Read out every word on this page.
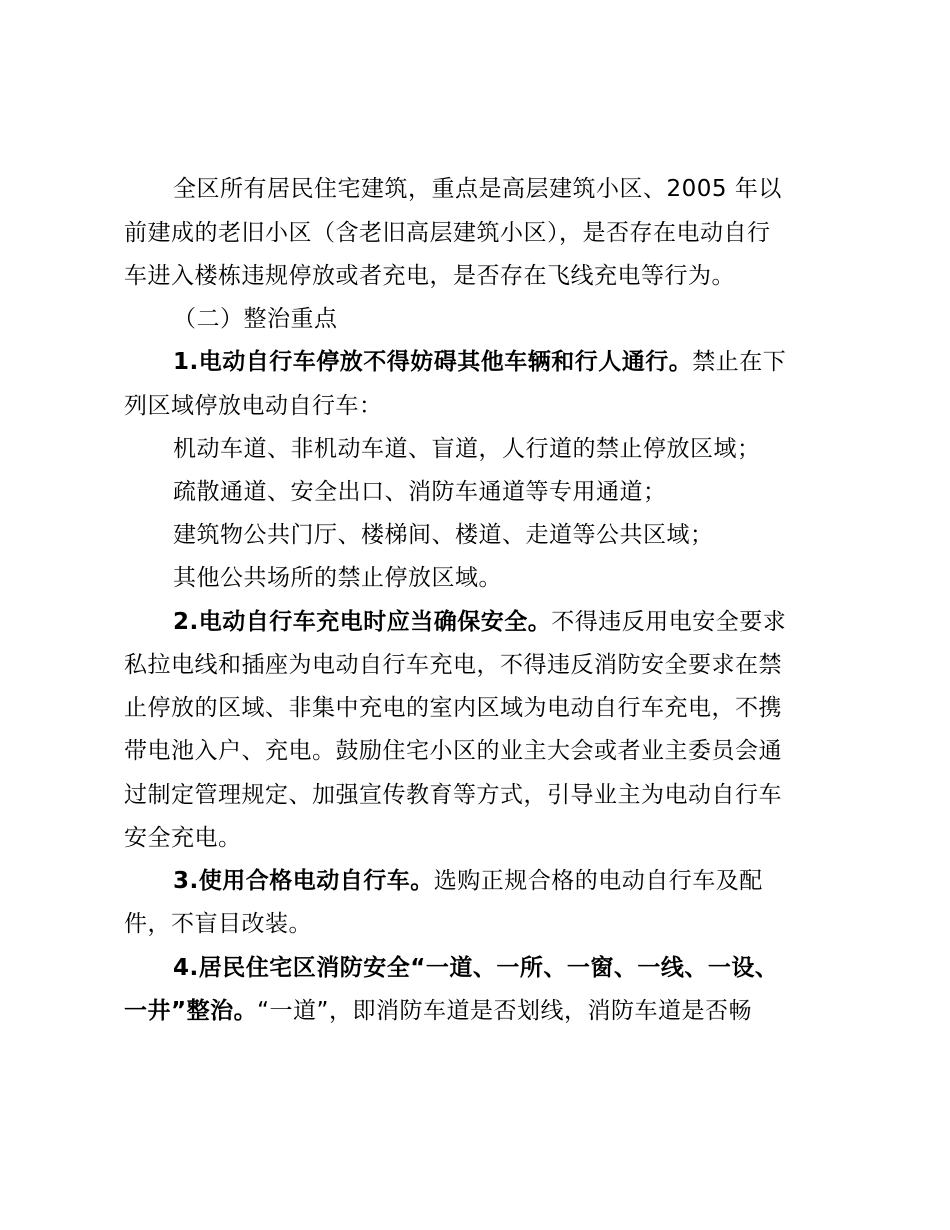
全区所有居民住宅建筑，重点是高层建筑小区、2005 年以
前建成的老旧小区（含老旧高层建筑小区），是否存在电动自行
车进入楼栋违规停放或者充电，是否存在飞线充电等行为。
（二）整治重点
1.电动自行车停放不得妨碍其他车辆和行人通行。禁止在下
列区域停放电动自行车：
机动车道、非机动车道、盲道，人行道的禁止停放区域；
疏散通道、安全出口、消防车通道等专用通道；
建筑物公共门厅、楼梯间、楼道、走道等公共区域；
其他公共场所的禁止停放区域。
2.电动自行车充电时应当确保安全。不得违反用电安全要求
私拉电线和插座为电动自行车充电，不得违反消防安全要求在禁
止停放的区域、非集中充电的室内区域为电动自行车充电，不携
带电池入户、充电。鼓励住宅小区的业主大会或者业主委员会通
过制定管理规定、加强宣传教育等方式，引导业主为电动自行车
安全充电。
3.使用合格电动自行车。选购正规合格的电动自行车及配
件，不盲目改装。
4.居民住宅区消防安全“一道、一所、一窗、一线、一设、
一井”整治。“一道”，即消防车道是否划线，消防车道是否畅
